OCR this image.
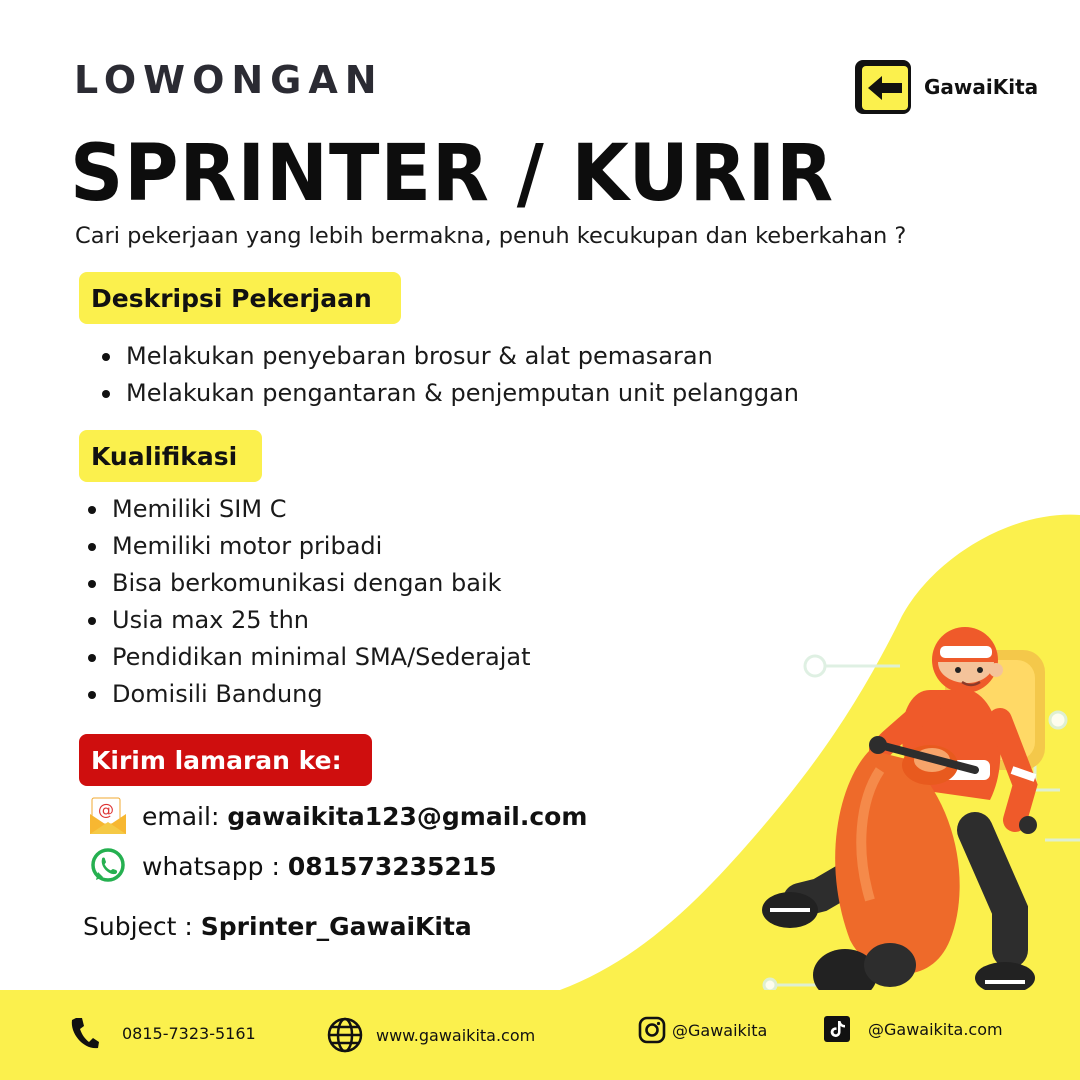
LOWONGAN
SPRINTER / KURIR
Cari pekerjaan yang lebih bermakna, penuh kecukupan dan keberkahan ?
GawaiKita
Deskripsi Pekerjaan
Melakukan penyebaran brosur & alat pemasaran
Melakukan pengantaran & penjemputan unit pelanggan
Kualifikasi
Memiliki SIM C
Memiliki motor pribadi
Bisa berkomunikasi dengan baik
Usia max 25 thn
Pendidikan minimal SMA/Sederajat
Domisili Bandung
Kirim lamaran ke:
@ email: gawaikita123@gmail.com
whatsapp : 081573235215
Subject : Sprinter_GawaiKita
0815-7323-5161	www.gawaikita.com	@Gawaikita	@Gawaikita.com
